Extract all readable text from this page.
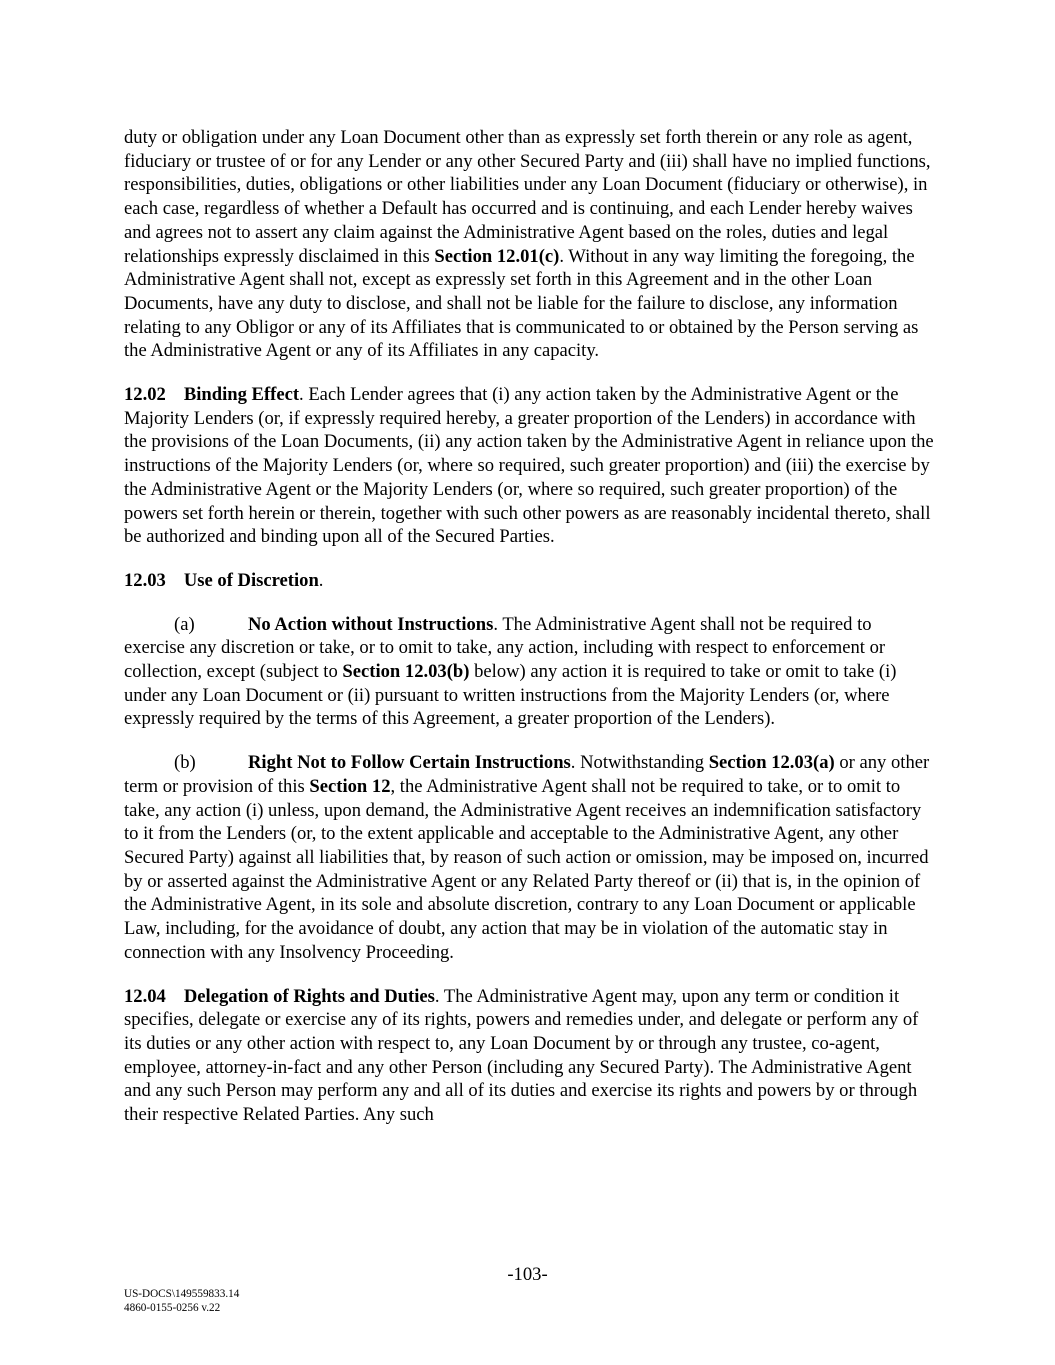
duty or obligation under any Loan Document other than as expressly set forth therein or any role as agent, fiduciary or trustee of or for any Lender or any other Secured Party and (iii) shall have no implied functions, responsibilities, duties, obligations or other liabilities under any Loan Document (fiduciary or otherwise), in each case, regardless of whether a Default has occurred and is continuing, and each Lender hereby waives and agrees not to assert any claim against the Administrative Agent based on the roles, duties and legal relationships expressly disclaimed in this Section 12.01(c). Without in any way limiting the foregoing, the Administrative Agent shall not, except as expressly set forth in this Agreement and in the other Loan Documents, have any duty to disclose, and shall not be liable for the failure to disclose, any information relating to any Obligor or any of its Affiliates that is communicated to or obtained by the Person serving as the Administrative Agent or any of its Affiliates in any capacity.

12.02 Binding Effect. Each Lender agrees that (i) any action taken by the Administrative Agent or the Majority Lenders (or, if expressly required hereby, a greater proportion of the Lenders) in accordance with the provisions of the Loan Documents, (ii) any action taken by the Administrative Agent in reliance upon the instructions of the Majority Lenders (or, where so required, such greater proportion) and (iii) the exercise by the Administrative Agent or the Majority Lenders (or, where so required, such greater proportion) of the powers set forth herein or therein, together with such other powers as are reasonably incidental thereto, shall be authorized and binding upon all of the Secured Parties.

12.03 Use of Discretion.

(a)	No Action without Instructions. The Administrative Agent shall not be required to exercise any discretion or take, or to omit to take, any action, including with respect to enforcement or collection, except (subject to Section 12.03(b) below) any action it is required to take or omit to take (i) under any Loan Document or (ii) pursuant to written instructions from the Majority Lenders (or, where expressly required by the terms of this Agreement, a greater proportion of the Lenders).

(b)	Right Not to Follow Certain Instructions. Notwithstanding Section 12.03(a) or any other term or provision of this Section 12, the Administrative Agent shall not be required to take, or to omit to take, any action (i) unless, upon demand, the Administrative Agent receives an indemnification satisfactory to it from the Lenders (or, to the extent applicable and acceptable to the Administrative Agent, any other Secured Party) against all liabilities that, by reason of such action or omission, may be imposed on, incurred by or asserted against the Administrative Agent or any Related Party thereof or (ii) that is, in the opinion of the Administrative Agent, in its sole and absolute discretion, contrary to any Loan Document or applicable Law, including, for the avoidance of doubt, any action that may be in violation of the automatic stay in connection with any Insolvency Proceeding.

12.04 Delegation of Rights and Duties. The Administrative Agent may, upon any term or condition it specifies, delegate or exercise any of its rights, powers and remedies under, and delegate or perform any of its duties or any other action with respect to, any Loan Document by or through any trustee, co-agent, employee, attorney-in-fact and any other Person (including any Secured Party). The Administrative Agent and any such Person may perform any and all of its duties and exercise its rights and powers by or through their respective Related Parties. Any such

-103-
US-DOCS\149559833.14
4860-0155-0256 v.22
